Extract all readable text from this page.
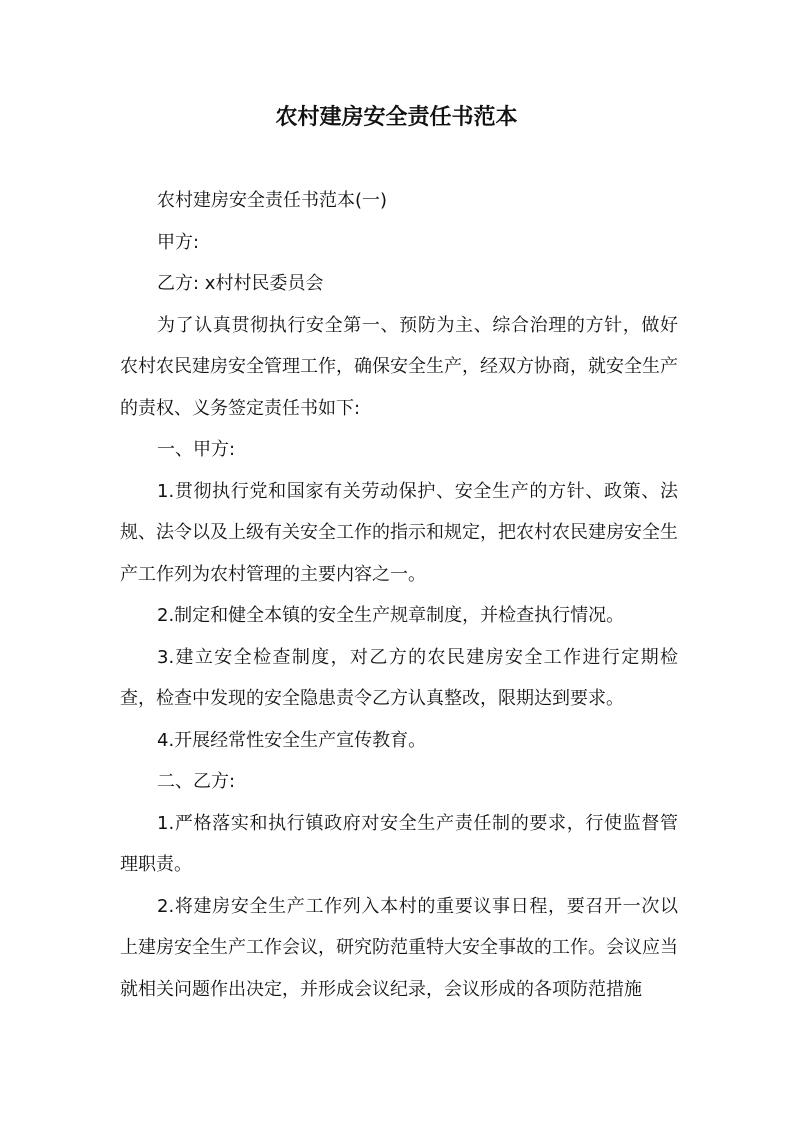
农村建房安全责任书范本

农村建房安全责任书范本(一)

甲方:

乙方: x村村民委员会

为了认真贯彻执行安全第一、预防为主、综合治理的方针，做好农村农民建房安全管理工作，确保安全生产，经双方协商，就安全生产的责权、义务签定责任书如下:

一、甲方:

1.贯彻执行党和国家有关劳动保护、安全生产的方针、政策、法规、法令以及上级有关安全工作的指示和规定，把农村农民建房安全生产工作列为农村管理的主要内容之一。

2.制定和健全本镇的安全生产规章制度，并检查执行情况。

3.建立安全检查制度，对乙方的农民建房安全工作进行定期检查，检查中发现的安全隐患责令乙方认真整改，限期达到要求。

4.开展经常性安全生产宣传教育。

二、乙方:

1.严格落实和执行镇政府对安全生产责任制的要求，行使监督管理职责。

2.将建房安全生产工作列入本村的重要议事日程，要召开一次以上建房安全生产工作会议，研究防范重特大安全事故的工作。会议应当就相关问题作出决定，并形成会议纪录，会议形成的各项防范措施
